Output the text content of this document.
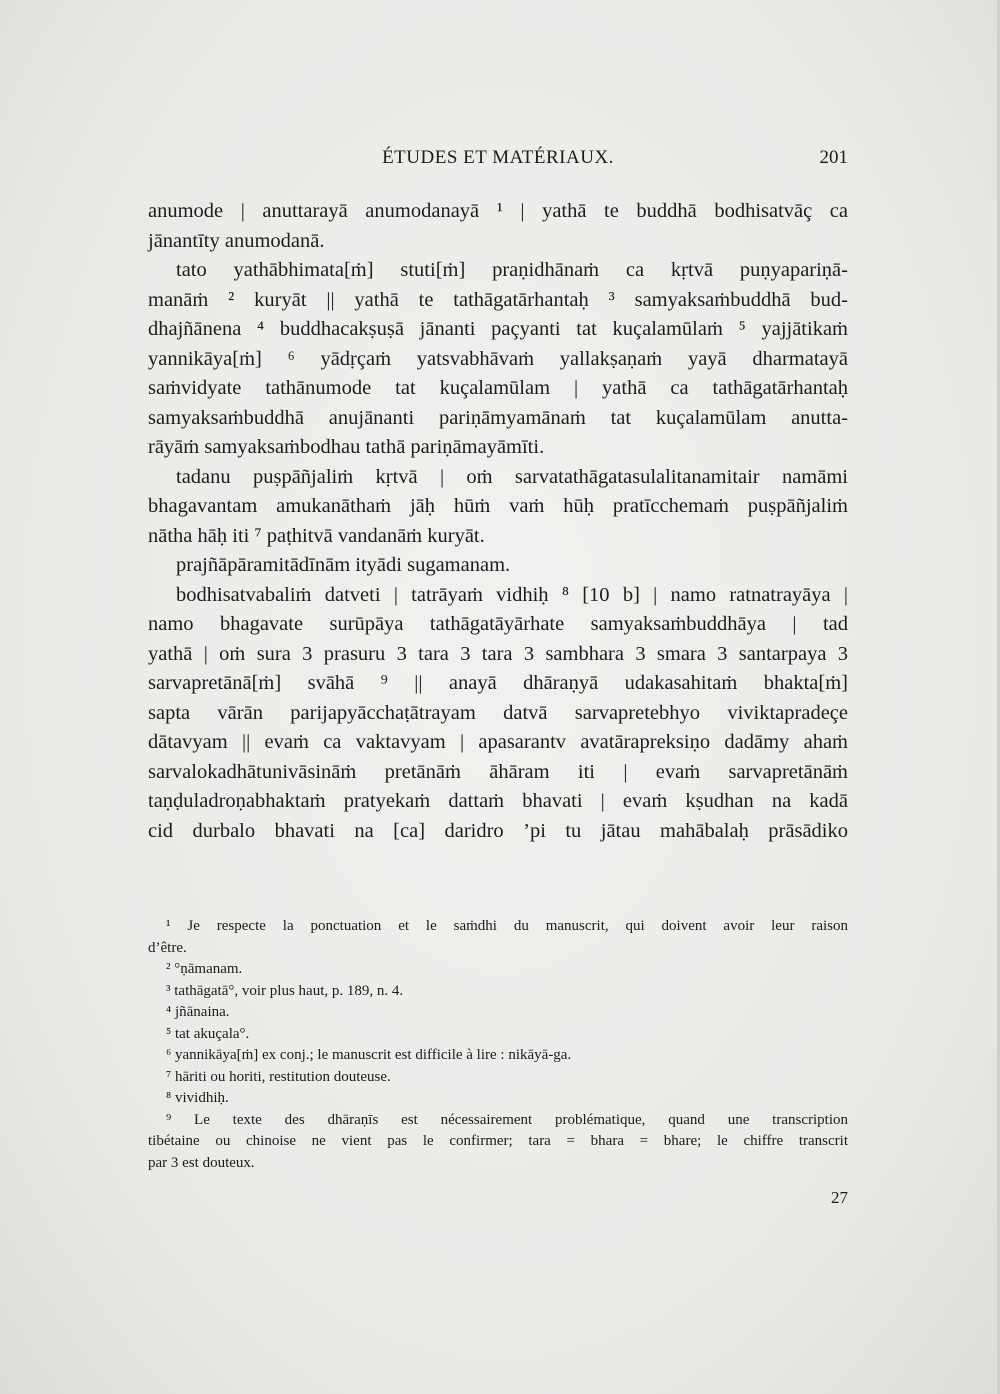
ÉTUDES ET MATÉRIAUX.	201
anumode | anuttarayā anumodanayā ¹ | yathā te buddhā bodhisatvāç ca
jānantīty anumodanā.
tato yathābhimata[ṁ] stuti[ṁ] praṇidhānaṁ ca kṛtvā puṇyapariṇā-
manāṁ ² kuryāt || yathā te tathāgatārhantaḥ ³ samyaksaṁbuddhā bud-
dhajñānena ⁴ buddhacakṣuṣā jānanti paçyanti tat kuçalamūlaṁ ⁵ yajjātikaṁ
yannikāya[ṁ] ⁶ yādṛçaṁ yatsvabhāvaṁ yallakṣaṇaṁ yayā dharmatayā
saṁvidyate tathānumode tat kuçalamūlam | yathā ca tathāgatārhantaḥ
samyaksaṁbuddhā anujānanti pariṇāmyamānaṁ tat kuçalamūlam anutta-
rāyāṁ samyaksaṁbodhau tathā pariṇāmayāmīti.
tadanu puṣpāñjaliṁ kṛtvā | oṁ sarvatathāgatasulalitanamitair namāmi
bhagavantam amukanāthaṁ jāḥ hūṁ vaṁ hūḥ pratīcchemaṁ puṣpāñjaliṁ
nātha hāḥ iti ⁷ paṭhitvā vandanāṁ kuryāt.
prajñāpāramitādīnām ityādi sugamanam.
bodhisatvabaliṁ datveti | tatrāyaṁ vidhiḥ ⁸ [10 b] | namo ratnatrayāya |
namo bhagavate surūpāya tathāgatāyārhate samyaksaṁbuddhāya | tad
yathā | oṁ sura 3 prasuru 3 tara 3 tara 3 sambhara 3 smara 3 santarpaya 3
sarvapretānā[ṁ] svāhā ⁹ || anayā dhāraṇyā udakasahitaṁ bhakta[ṁ]
sapta vārān parijapyācchaṭātrayam datvā sarvapretebhyo viviktapradeçe
dātavyam || evaṁ ca vaktavyam | apasarantv avatārapreksiṇo dadāmy ahaṁ
sarvalokadhātunivāsināṁ pretānāṁ āhāram iti | evaṁ sarvapretānāṁ
taṇḍuladroṇabhaktaṁ pratyekaṁ dattaṁ bhavati | evaṁ kṣudhan na kadā
cid durbalo bhavati na [ca] daridro ’pi tu jātau mahābalaḥ prāsādiko
¹ Je respecte la ponctuation et le saṁdhi du manuscrit, qui doivent avoir leur raison
d’être.
² °ṇāmanam.
³ tathāgatā°, voir plus haut, p. 189, n. 4.
⁴ jñānaina.
⁵ tat akuçala°.
⁶ yannikāya[ṁ] ex conj.; le manuscrit est difficile à lire : nikāyā-ga.
⁷ hāriti ou horiti, restitution douteuse.
⁸ vividhiḥ.
⁹ Le texte des dhāraṇīs est nécessairement problématique, quand une transcription
tibétaine ou chinoise ne vient pas le confirmer; tara = bhara = bhare; le chiffre transcrit
par 3 est douteux.
27
